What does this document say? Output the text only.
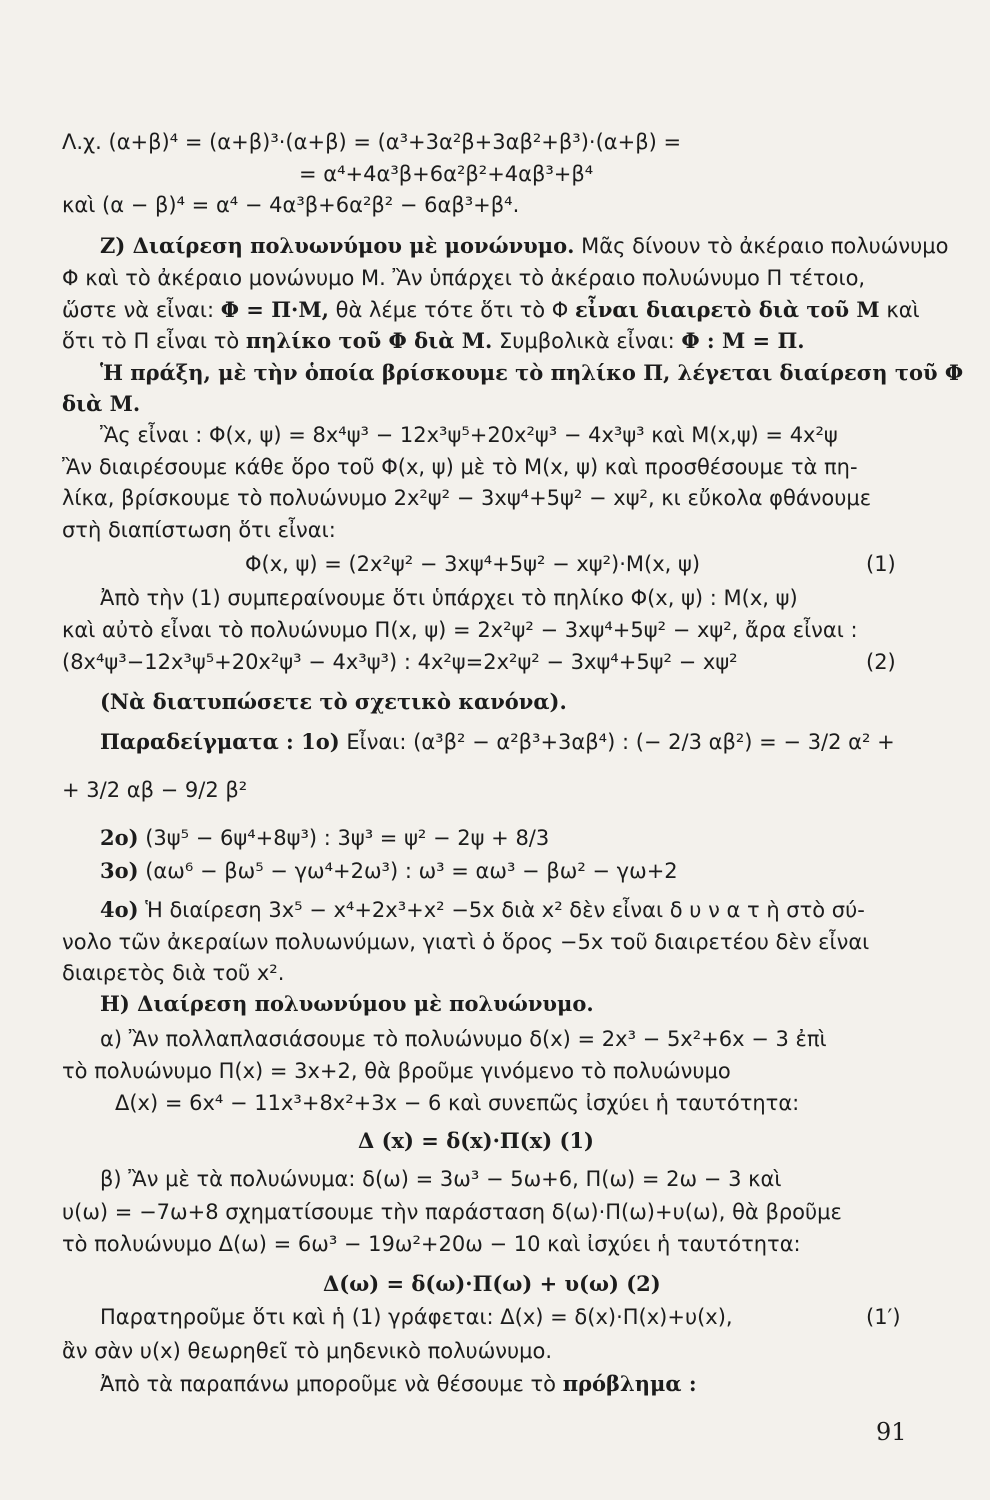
Λ.χ. (α+β)⁴ = (α+β)³·(α+β) = (α³+3α²β+3αβ²+β³)·(α+β) =
= α⁴+4α³β+6α²β²+4αβ³+β⁴
καὶ (α − β)⁴ = α⁴ − 4α³β+6α²β² − 6αβ³+β⁴.
Ζ) Διαίρεση πολυωνύμου μὲ μονώνυμο. Μᾶς δίνουν τὸ ἀκέραιο πολυώνυμο
Φ καὶ τὸ ἀκέραιο μονώνυμο Μ. Ἂν ὑπάρχει τὸ ἀκέραιο πολυώνυμο Π τέτοιο,
ὥστε νὰ εἶναι: Φ = Π·Μ, θὰ λέμε τότε ὅτι τὸ Φ εἶναι διαιρετὸ διὰ τοῦ Μ καὶ
ὅτι τὸ Π εἶναι τὸ πηλίκο τοῦ Φ διὰ Μ. Συμβολικὰ εἶναι: Φ : Μ = Π.
Ἡ πράξη, μὲ τὴν ὁποία βρίσκουμε τὸ πηλίκο Π, λέγεται διαίρεση τοῦ Φ
διὰ Μ.
Ἂς εἶναι : Φ(x, ψ) = 8x⁴ψ³ − 12x³ψ⁵+20x²ψ³ − 4x³ψ³ καὶ Μ(x,ψ) = 4x²ψ
Ἂν διαιρέσουμε κάθε ὅρο τοῦ Φ(x, ψ) μὲ τὸ Μ(x, ψ) καὶ προσθέσουμε τὰ πη-
λίκα, βρίσκουμε τὸ πολυώνυμο 2x²ψ² − 3xψ⁴+5ψ² − xψ², κι εὔκολα φθάνουμε
στὴ διαπίστωση ὅτι εἶναι:
Φ(x, ψ) = (2x²ψ² − 3xψ⁴+5ψ² − xψ²)·Μ(x, ψ)	(1)
Ἀπὸ τὴν (1) συμπεραίνουμε ὅτι ὑπάρχει τὸ πηλίκο Φ(x, ψ) : Μ(x, ψ)
καὶ αὐτὸ εἶναι τὸ πολυώνυμο Π(x, ψ) = 2x²ψ² − 3xψ⁴+5ψ² − xψ², ἄρα εἶναι :
(8x⁴ψ³−12x³ψ⁵+20x²ψ³ − 4x³ψ³) : 4x²ψ=2x²ψ² − 3xψ⁴+5ψ² − xψ²	(2)
(Νὰ διατυπώσετε τὸ σχετικὸ κανόνα).
Παραδείγματα : 1ο) Εἶναι: (α³β² − α²β³+3αβ⁴) : (− 2/3 αβ²) = − 3/2 α² +
+ 3/2 αβ − 9/2 β²
2ο) (3ψ⁵ − 6ψ⁴+8ψ³) : 3ψ³ = ψ² − 2ψ + 8/3
3ο) (αω⁶ − βω⁵ − γω⁴+2ω³) : ω³ = αω³ − βω² − γω+2
4ο) Ἡ διαίρεση 3x⁵ − x⁴+2x³+x² −5x διὰ x² δὲν εἶναι δ υ ν α τ ὴ στὸ σύ-
νολο τῶν ἀκεραίων πολυωνύμων, γιατὶ ὁ ὅρος −5x τοῦ διαιρετέου δὲν εἶναι
διαιρετὸς διὰ τοῦ x².
Η) Διαίρεση πολυωνύμου μὲ πολυώνυμο.
α) Ἂν πολλαπλασιάσουμε τὸ πολυώνυμο δ(x) = 2x³ − 5x²+6x − 3 ἐπὶ
τὸ πολυώνυμο Π(x) = 3x+2, θὰ βροῦμε γινόμενο τὸ πολυώνυμο
Δ(x) = 6x⁴ − 11x³+8x²+3x − 6 καὶ συνεπῶς ἰσχύει ἡ ταυτότητα:
Δ (x) = δ(x)·Π(x) (1)
β) Ἂν μὲ τὰ πολυώνυμα: δ(ω) = 3ω³ − 5ω+6, Π(ω) = 2ω − 3 καὶ
υ(ω) = −7ω+8 σχηματίσουμε τὴν παράσταση δ(ω)·Π(ω)+υ(ω), θὰ βροῦμε
τὸ πολυώνυμο Δ(ω) = 6ω³ − 19ω²+20ω − 10 καὶ ἰσχύει ἡ ταυτότητα:
Δ(ω) = δ(ω)·Π(ω) + υ(ω) (2)
Παρατηροῦμε ὅτι καὶ ἡ (1) γράφεται: Δ(x) = δ(x)·Π(x)+υ(x),	(1′)
ἂν σὰν υ(x) θεωρηθεῖ τὸ μηδενικὸ πολυώνυμο.
Ἀπὸ τὰ παραπάνω μποροῦμε νὰ θέσουμε τὸ πρόβλημα :
91
